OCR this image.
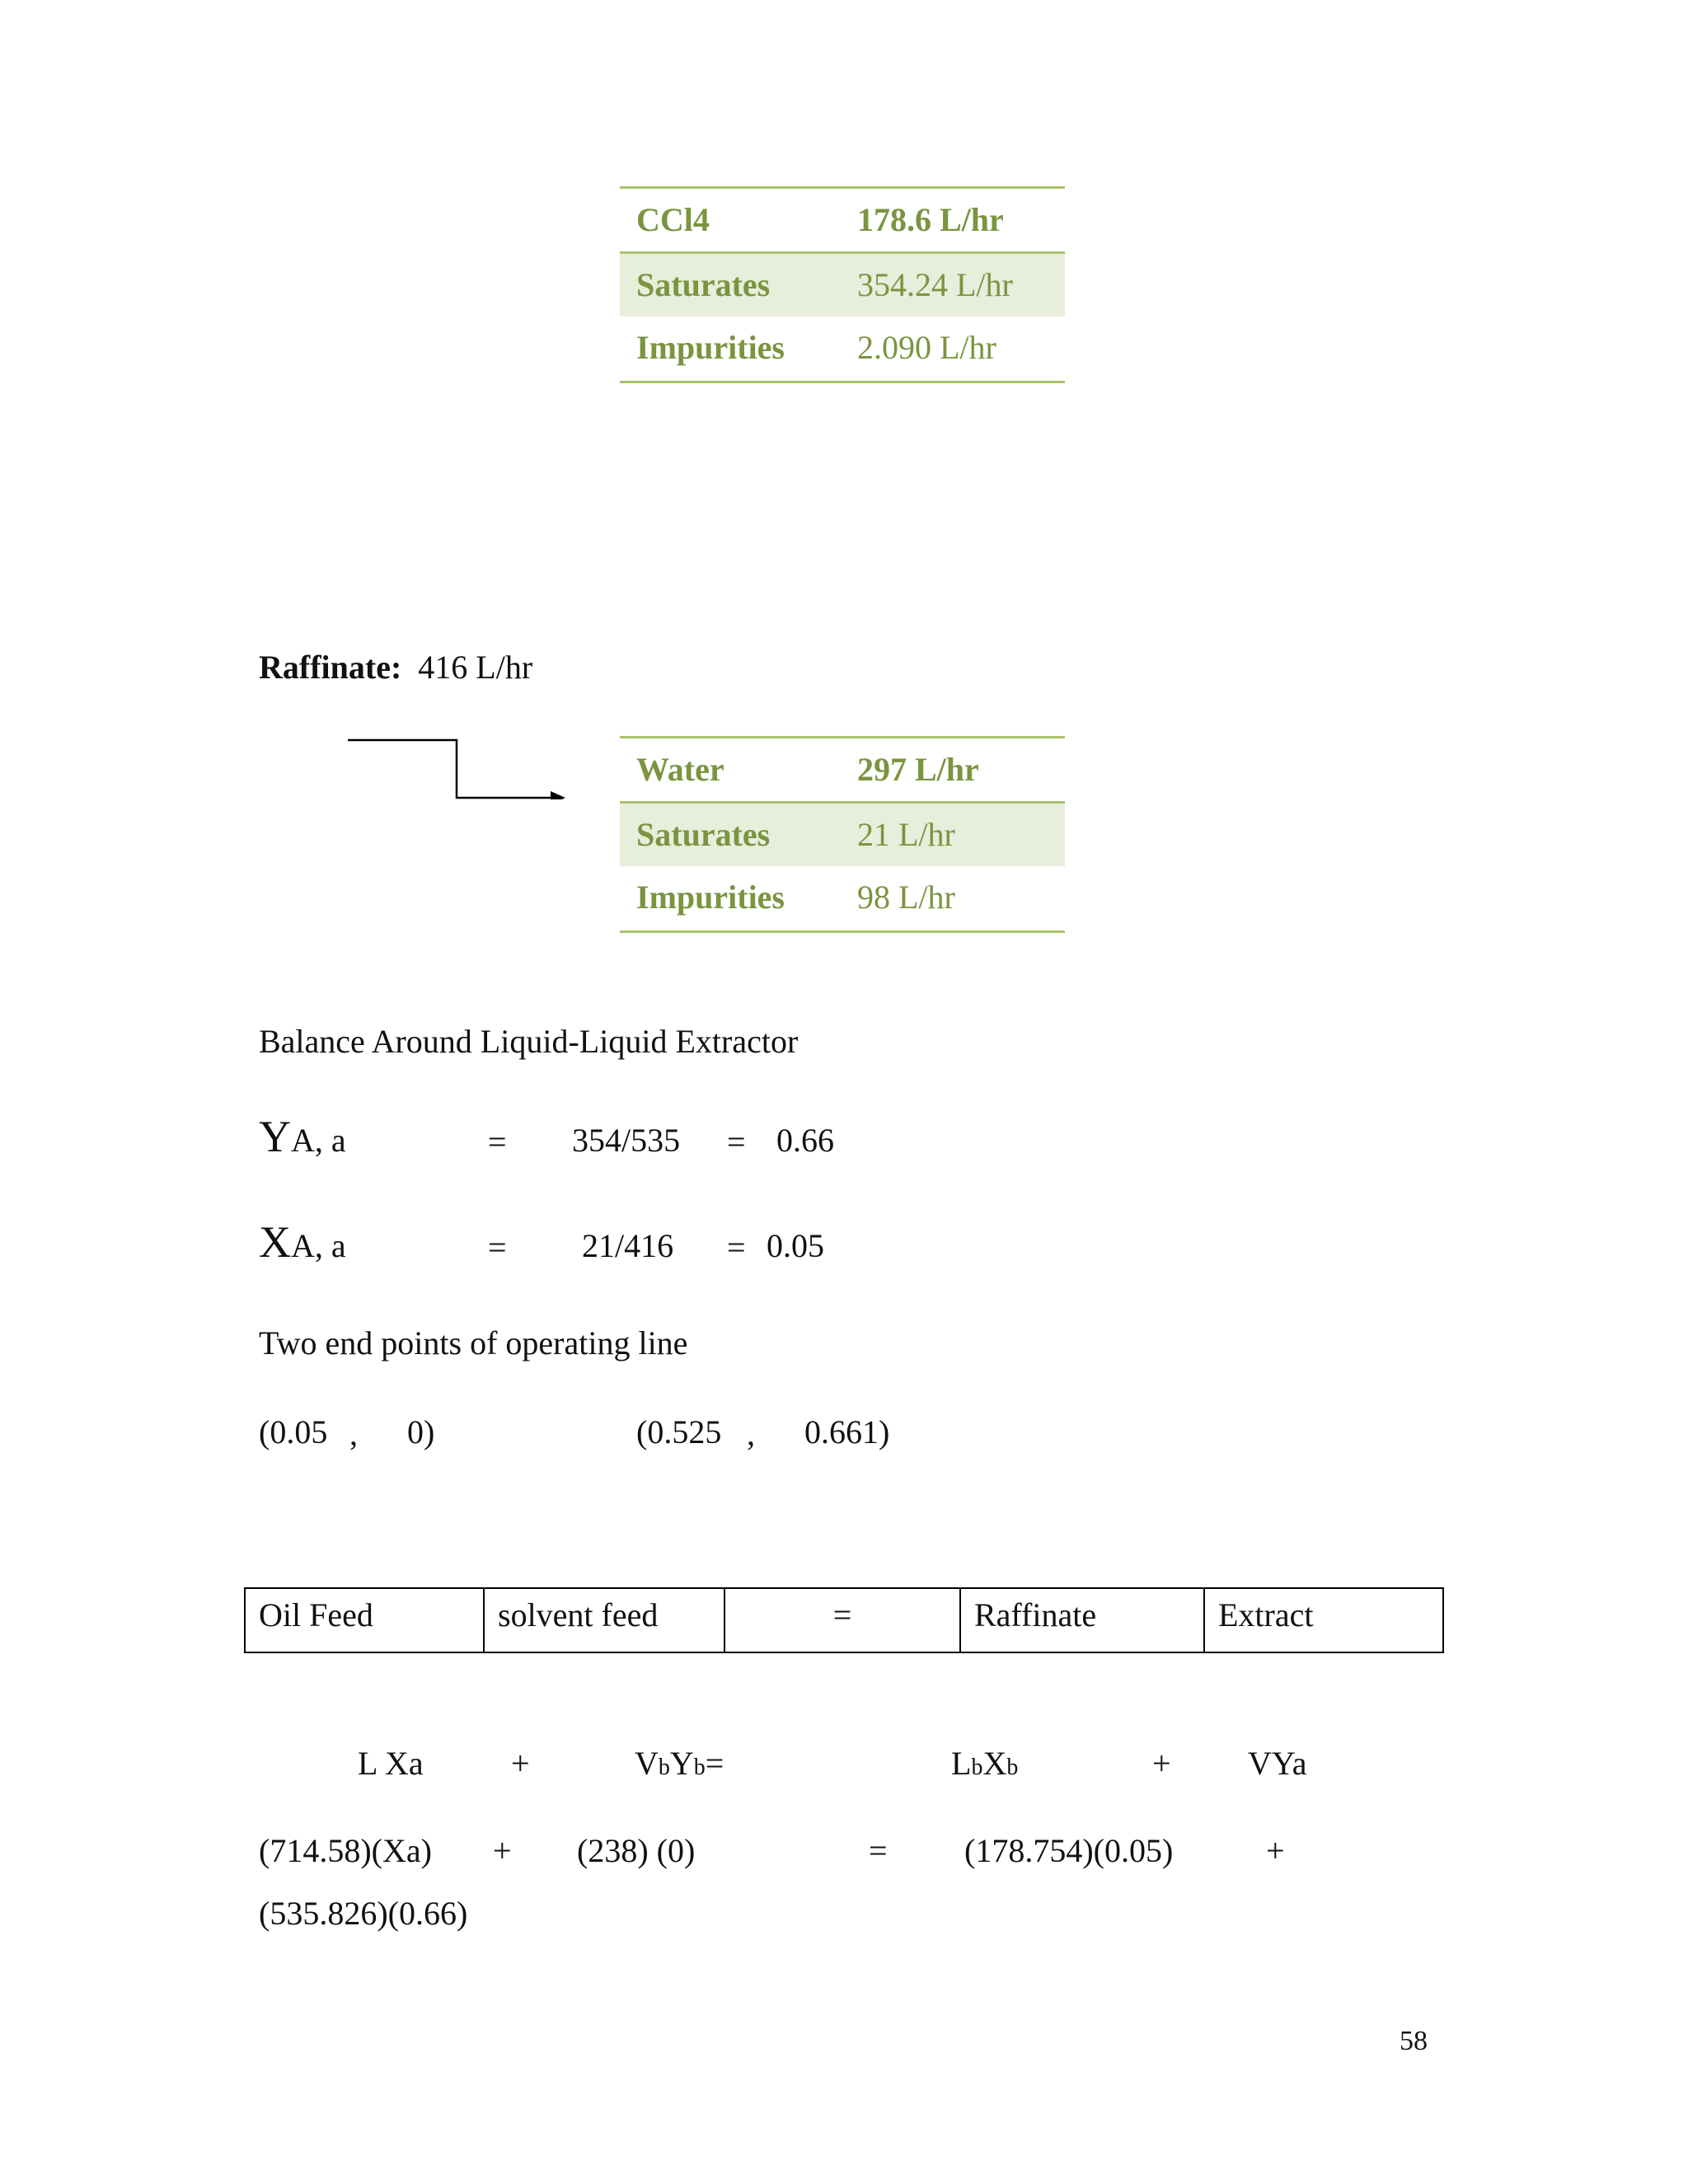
CCl4	178.6 L/hr
Saturates	354.24 L/hr
Impurities 2.090 L/hr
Raffinate: 416 L/hr
Water	297 L/hr
Saturates	21 L/hr
Impurities 98 L/hr
Balance Around Liquid-Liquid Extractor
YA, a	= 354/535 = 0.66
XA, a	= 21/416 = 0.05
Two end points of operating line
(0.05 , 0)	(0.525 , 0.661)
Oil Feed	solvent feed	=	Raffinate	Extract
L Xa	+	VbYb=	LbXb	+ VYa
(714.58)(Xa) + (238) (0)	= (178.754)(0.05)	+
(535.826)(0.66)
58
